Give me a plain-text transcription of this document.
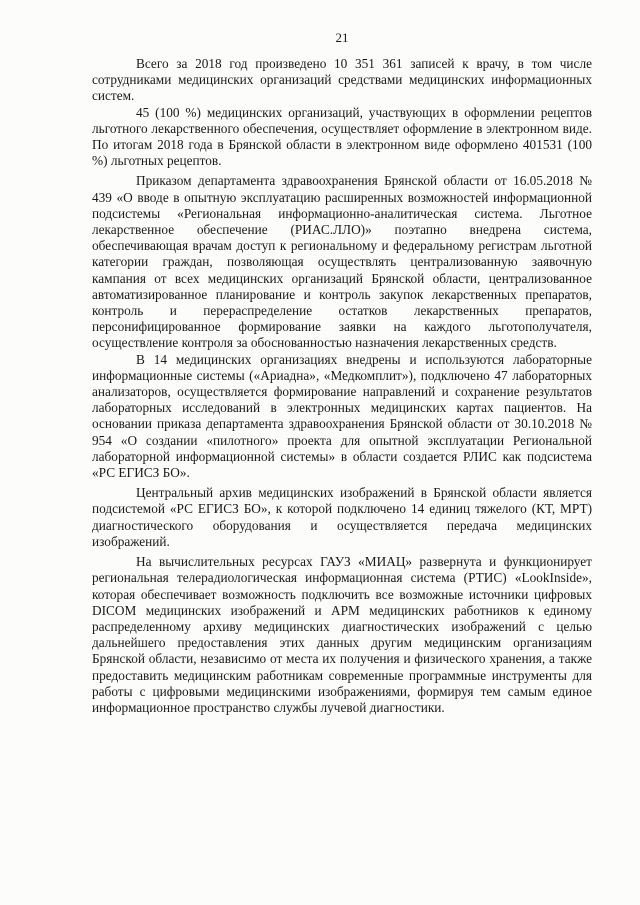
21

Всего за 2018 год произведено 10 351 361 записей к врачу, в том числе сотрудниками медицинских организаций средствами медицинских информационных систем.

45 (100 %) медицинских организаций, участвующих в оформлении рецептов льготного лекарственного обеспечения, осуществляет оформление в электронном виде. По итогам 2018 года в Брянской области в электронном виде оформлено 401531 (100 %) льготных рецептов.

Приказом департамента здравоохранения Брянской области от 16.05.2018 № 439 «О вводе в опытную эксплуатацию расширенных возможностей информационной подсистемы «Региональная информационно-аналитическая система. Льготное лекарственное обеспечение (РИАС.ЛЛО)» поэтапно внедрена система, обеспечивающая врачам доступ к региональному и федеральному регистрам льготной категории граждан, позволяющая осуществлять централизованную заявочную кампания от всех медицинских организаций Брянской области, централизованное автоматизированное планирование и контроль закупок лекарственных препаратов, контроль и перераспределение остатков лекарственных препаратов, персонифицированное формирование заявки на каждого льготополучателя, осуществление контроля за обоснованностью назначения лекарственных средств.

В 14 медицинских организациях внедрены и используются лабораторные информационные системы («Ариадна», «Медкомплит»), подключено 47 лабораторных анализаторов, осуществляется формирование направлений и сохранение результатов лабораторных исследований в электронных медицинских картах пациентов. На основании приказа департамента здравоохранения Брянской области от 30.10.2018 № 954 «О создании «пилотного» проекта для опытной эксплуатации Региональной лабораторной информационной системы» в области создается РЛИС как подсистема «РС ЕГИСЗ БО».

Центральный архив медицинских изображений в Брянской области является подсистемой «РС ЕГИСЗ БО», к которой подключено 14 единиц тяжелого (КТ, МРТ) диагностического оборудования и осуществляется передача медицинских изображений.

На вычислительных ресурсах ГАУЗ «МИАЦ» развернута и функционирует региональная телерадиологическая информационная система (РТИС) «LookInside», которая обеспечивает возможность подключить все возможные источники цифровых DICOM медицинских изображений и АРМ медицинских работников к единому распределенному архиву медицинских диагностических изображений с целью дальнейшего предоставления этих данных другим медицинским организациям Брянской области, независимо от места их получения и физического хранения, а также предоставить медицинским работникам современные программные инструменты для работы с цифровыми медицинскими изображениями, формируя тем самым единое информационное пространство службы лучевой диагностики.
